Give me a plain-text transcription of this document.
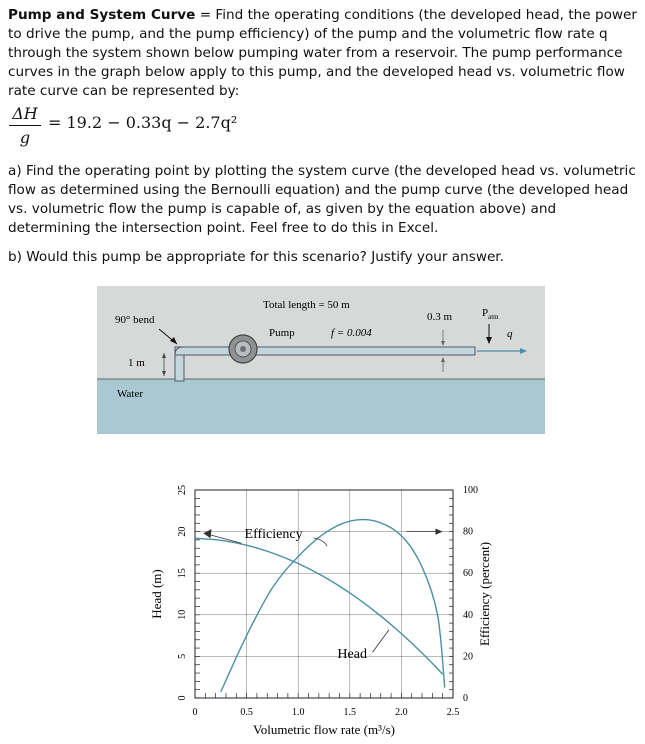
Pump and System Curve = Find the operating conditions (the developed head, the power to drive the pump, and the pump efficiency) of the pump and the volumetric flow rate q through the system shown below pumping water from a reservoir. The pump performance curves in the graph below apply to this pump, and the developed head vs. volumetric flow rate curve can be represented by:
ΔH
g
= 19.2 − 0.33q − 2.7q²
a) Find the operating point by plotting the system curve (the developed head vs. volumetric flow as determined using the Bernoulli equation) and the pump curve (the developed head vs. volumetric flow the pump is capable of, as given by the equation above) and determining the intersection point. Feel free to do this in Excel.
b) Would this pump be appropriate for this scenario? Justify your answer.
90° bend
Total length = 50 m
Pump	f = 0.004
1 m
0.3 m	$P_{atm}$
q
Water
0	0.5	1.0	1.5	2.0	2.5
0
5
10
15
20
25
0
20
40
60
80
100
Efficiency
Head
Volumetric flow rate (m³/s)
Head (m)	Efficiency (percent)
